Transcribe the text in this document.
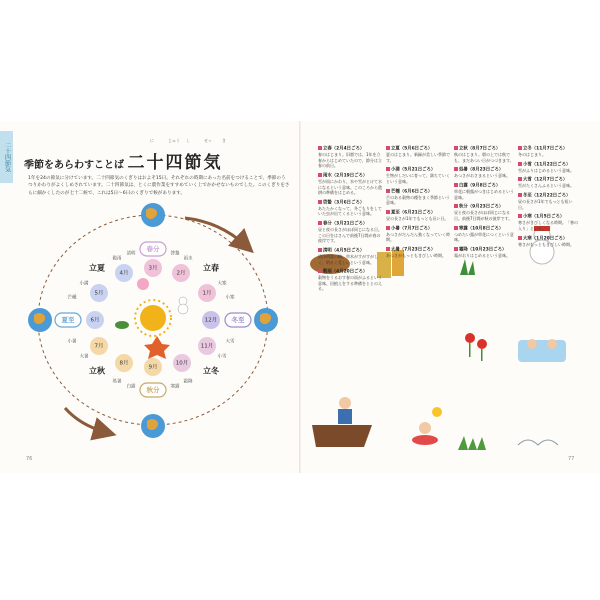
二十四節気 季節をあらわすことば 二十四節気
に	じゅう し	せっ	き
1年を24の節気に分けています。二十四節気のくぎりはおよそ15日。それぞれの時期にあった名前をつけることで、季節のうつりかわりがよくしめされています。二十四節気は、とくに農作業をすすめていく上でかかせないものでした。このくぎりをさらに細かくしたのが七十二候で、これは5日〜6日のくぎりで候があります。
76	77
1月
2月
3月
4月
5月
6月
7月
8月
9月
10月
11月
12月
春分
夏至
秋分
冬至
立春
立夏
立秋	立冬
清明	啓蟄
穀雨	雨水
小満	大寒
芒種	小寒
小暑	大雪
大暑	小雪
処暑	霜降
白露	寒露
立春（2月4日ごろ）
春のはじまり。旧暦では、1年を立春からはじめていたので、節分は立春の前日。
雨水（2月19日ごろ）
雪が雨にかわり、氷や雪がとけて水になるという意味。このころから農耕の準備をはじめる。
啓蟄（3月6日ごろ）
あたたかくなって、冬ごもりをしていた虫が出てくるという意味。
春分（3月21日ごろ）
昼と夜の長さがほぼ同じになる日。この日をはさんで前後7日間が春の彼岸です。
清明（4月5日ごろ）
清浄明潔の略。草木がすがすがしく、明るく美しいという意味。
穀雨（4月20日ごろ）
穀物をうるおす春の雨がふるという意味。田植えをする準備をととのえる。
立夏（5月6日ごろ）
夏のはじまり。新緑が美しい季節です。
小満（5月21日ごろ）
生物がしだいに育って、満ちていくという意味。
芒種（6月6日ごろ）
芒のある穀物の種をまく季節という意味。
夏至（6月21日ごろ）
昼の長さが1年でもっとも長い日。
小暑（7月7日ごろ）
あつさがだんだん強くなっていく時期。
大暑（7月23日ごろ）
あつさがもっともきびしい時期。
立秋（8月7日ごろ）
秋のはじまり。暦の上では秋でも、まだあつい日がつづきます。
処暑（8月23日ごろ）
あつさがおさまるという意味。
白露（9月8日ごろ）
草花に朝露がつきはじめるという意味。
秋分（9月23日ごろ）
昼と夜の長さがほぼ同じになる日。前後7日間が秋の彼岸です。
寒露（10月8日ごろ）
つめたい露が草花につくという意味。
霜降（10月23日ごろ）
霜がおりはじめるという意味。
立冬（11月7日ごろ）
冬のはじまり。
小雪（11月22日ごろ）
雪がふりはじめるという意味。
大雪（12月7日ごろ）
雪がたくさんふるという意味。
冬至（12月22日ごろ）
昼の長さが1年でもっとも短い日。
小寒（1月5日ごろ）
寒さがきびしくなる時期。「寒の入り」という。
大寒（1月20日ごろ）
寒さがもっともきびしい時期。
